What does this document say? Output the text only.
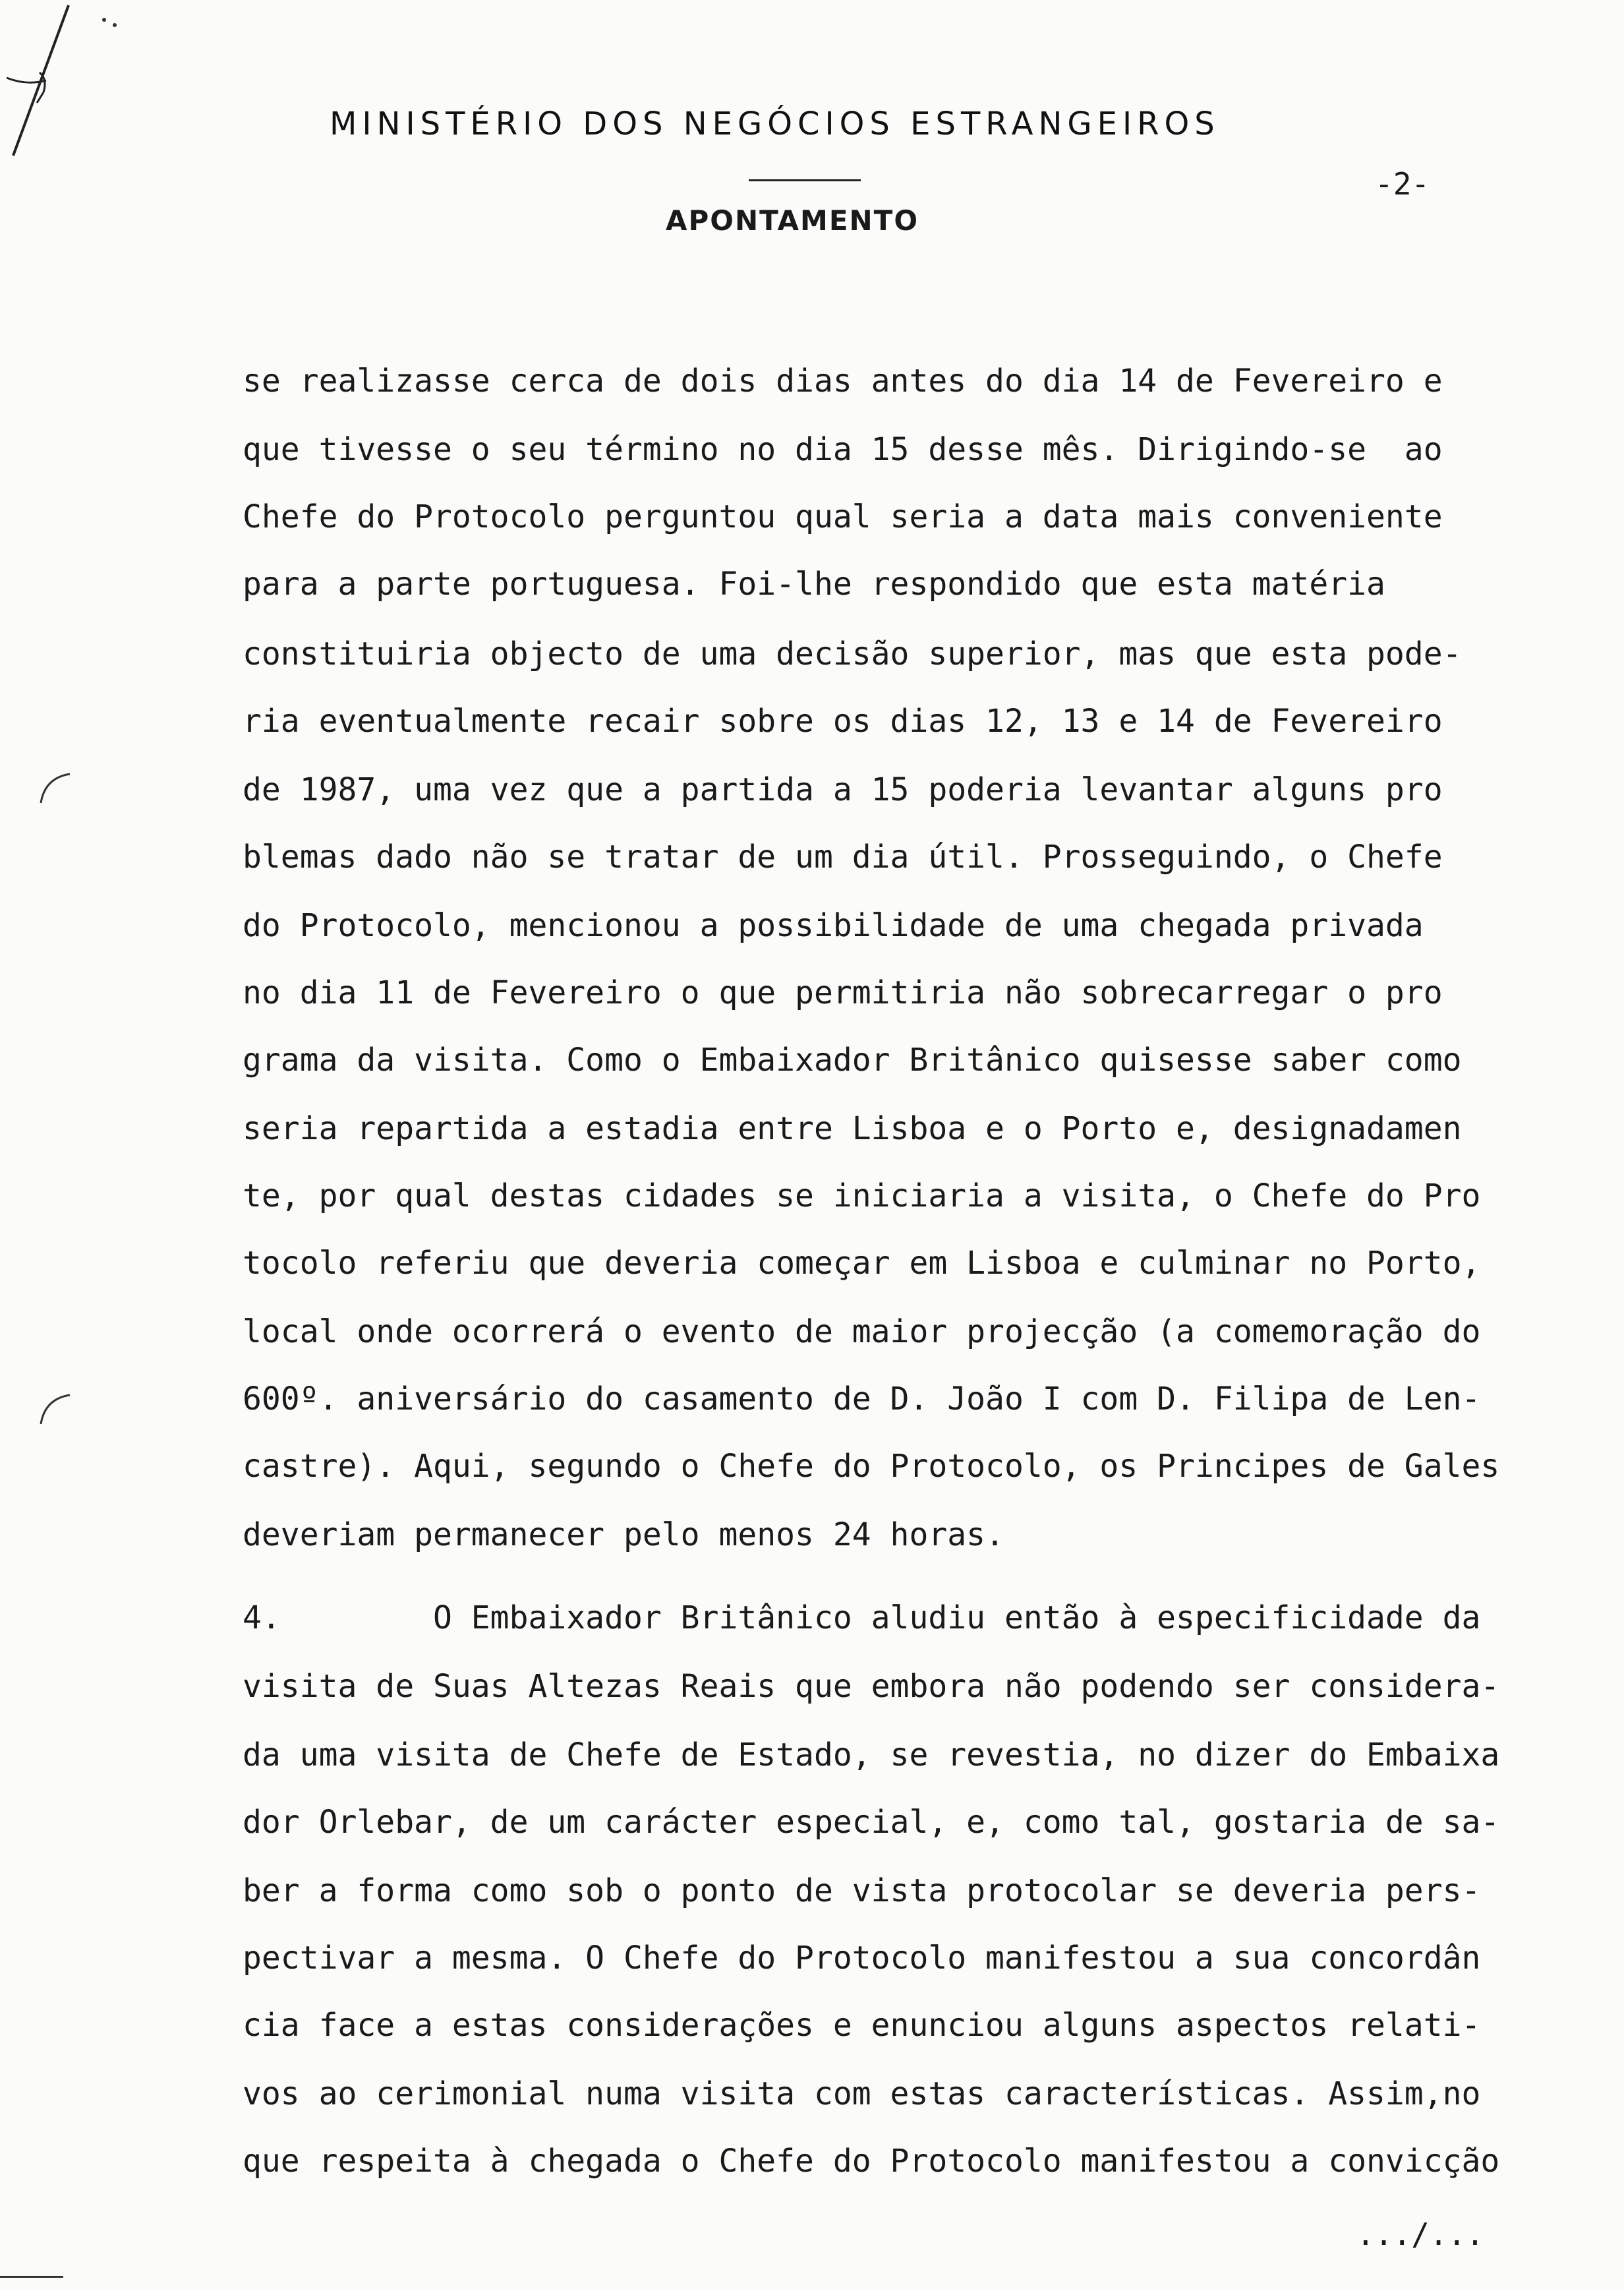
MINISTÉRIO DOS NEGÓCIOS ESTRANGEIROS
-2-
APONTAMENTO
se realizasse cerca de dois dias antes do dia 14 de Fevereiro e
que tivesse o seu término no dia 15 desse mês. Dirigindo-se  ao
Chefe do Protocolo perguntou qual seria a data mais conveniente
para a parte portuguesa. Foi-lhe respondido que esta matéria
constituiria objecto de uma decisão superior, mas que esta pode-
ria eventualmente recair sobre os dias 12, 13 e 14 de Fevereiro
de 1987, uma vez que a partida a 15 poderia levantar alguns pro
blemas dado não se tratar de um dia útil. Prosseguindo, o Chefe
do Protocolo, mencionou a possibilidade de uma chegada privada
no dia 11 de Fevereiro o que permitiria não sobrecarregar o pro
grama da visita. Como o Embaixador Britânico quisesse saber como
seria repartida a estadia entre Lisboa e o Porto e, designadamen
te, por qual destas cidades se iniciaria a visita, o Chefe do Pro
tocolo referiu que deveria começar em Lisboa e culminar no Porto,
local onde ocorrerá o evento de maior projecção (a comemoração do
600º. aniversário do casamento de D. João I com D. Filipa de Len-
castre). Aqui, segundo o Chefe do Protocolo, os Principes de Gales
deveriam permanecer pelo menos 24 horas.
4.        O Embaixador Britânico aludiu então à especificidade da
visita de Suas Altezas Reais que embora não podendo ser considera-
da uma visita de Chefe de Estado, se revestia, no dizer do Embaixa
dor Orlebar, de um carácter especial, e, como tal, gostaria de sa-
ber a forma como sob o ponto de vista protocolar se deveria pers-
pectivar a mesma. O Chefe do Protocolo manifestou a sua concordân
cia face a estas considerações e enunciou alguns aspectos relati-
vos ao cerimonial numa visita com estas características. Assim,no
que respeita à chegada o Chefe do Protocolo manifestou a convicção
.../...
